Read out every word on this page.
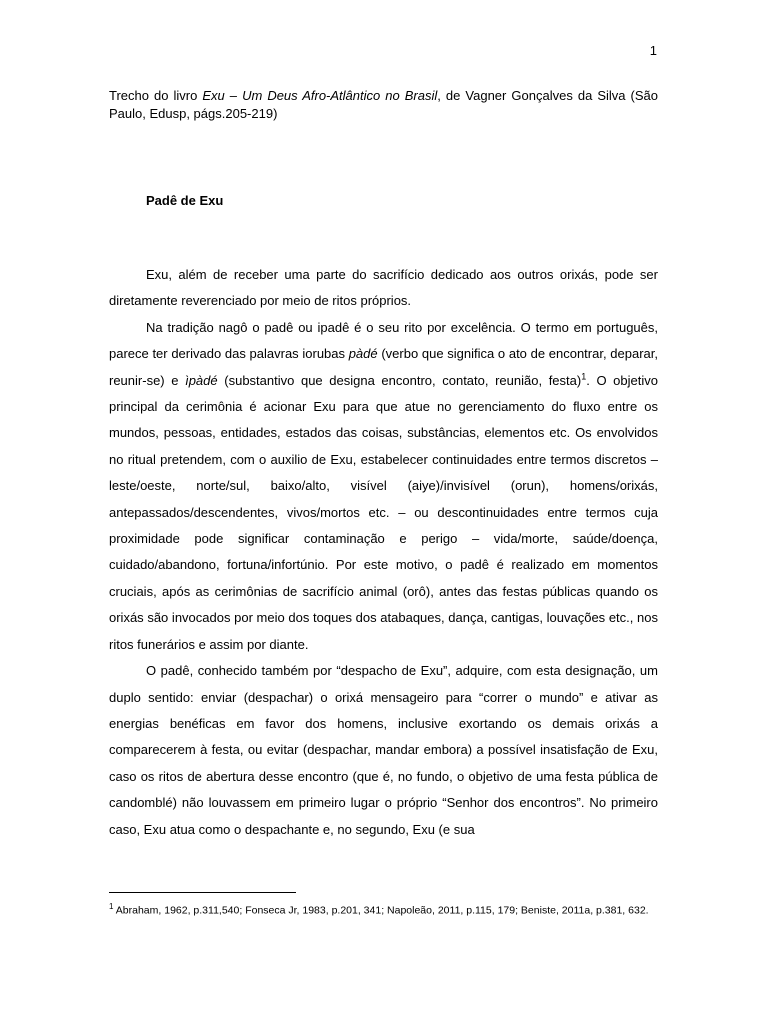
1
Trecho do livro Exu – Um Deus Afro-Atlântico no Brasil, de Vagner Gonçalves da Silva (São Paulo, Edusp, págs.205-219)
Padê de Exu

Exu, além de receber uma parte do sacrifício dedicado aos outros orixás, pode ser diretamente reverenciado por meio de ritos próprios.

Na tradição nagô o padê ou ipadê é o seu rito por excelência. O termo em português, parece ter derivado das palavras iorubas pàdé (verbo que significa o ato de encontrar, deparar, reunir-se) e ìpàdé (substantivo que designa encontro, contato, reunião, festa)$^1$. O objetivo principal da cerimônia é acionar Exu para que atue no gerenciamento do fluxo entre os mundos, pessoas, entidades, estados das coisas, substâncias, elementos etc. Os envolvidos no ritual pretendem, com o auxilio de Exu, estabelecer continuidades entre termos discretos – leste/oeste, norte/sul, baixo/alto, visível (aiye)/invisível (orun), homens/orixás, antepassados/descendentes, vivos/mortos etc. – ou descontinuidades entre termos cuja proximidade pode significar contaminação e perigo – vida/morte, saúde/doença, cuidado/abandono, fortuna/infortúnio. Por este motivo, o padê é realizado em momentos cruciais, após as cerimônias de sacrifício animal (orô), antes das festas públicas quando os orixás são invocados por meio dos toques dos atabaques, dança, cantigas, louvações etc., nos ritos funerários e assim por diante.

O padê, conhecido também por “despacho de Exu”, adquire, com esta designação, um duplo sentido: enviar (despachar) o orixá mensageiro para “correr o mundo” e ativar as energias benéficas em favor dos homens, inclusive exortando os demais orixás a comparecerem à festa, ou evitar (despachar, mandar embora) a possível insatisfação de Exu, caso os ritos de abertura desse encontro (que é, no fundo, o objetivo de uma festa pública de candomblé) não louvassem em primeiro lugar o próprio “Senhor dos encontros”. No primeiro caso, Exu atua como o despachante e, no segundo, Exu (e sua

$^1$ Abraham, 1962, p.311,540; Fonseca Jr, 1983, p.201, 341; Napoleão, 2011, p.115, 179; Beniste, 2011a, p.381, 632.
